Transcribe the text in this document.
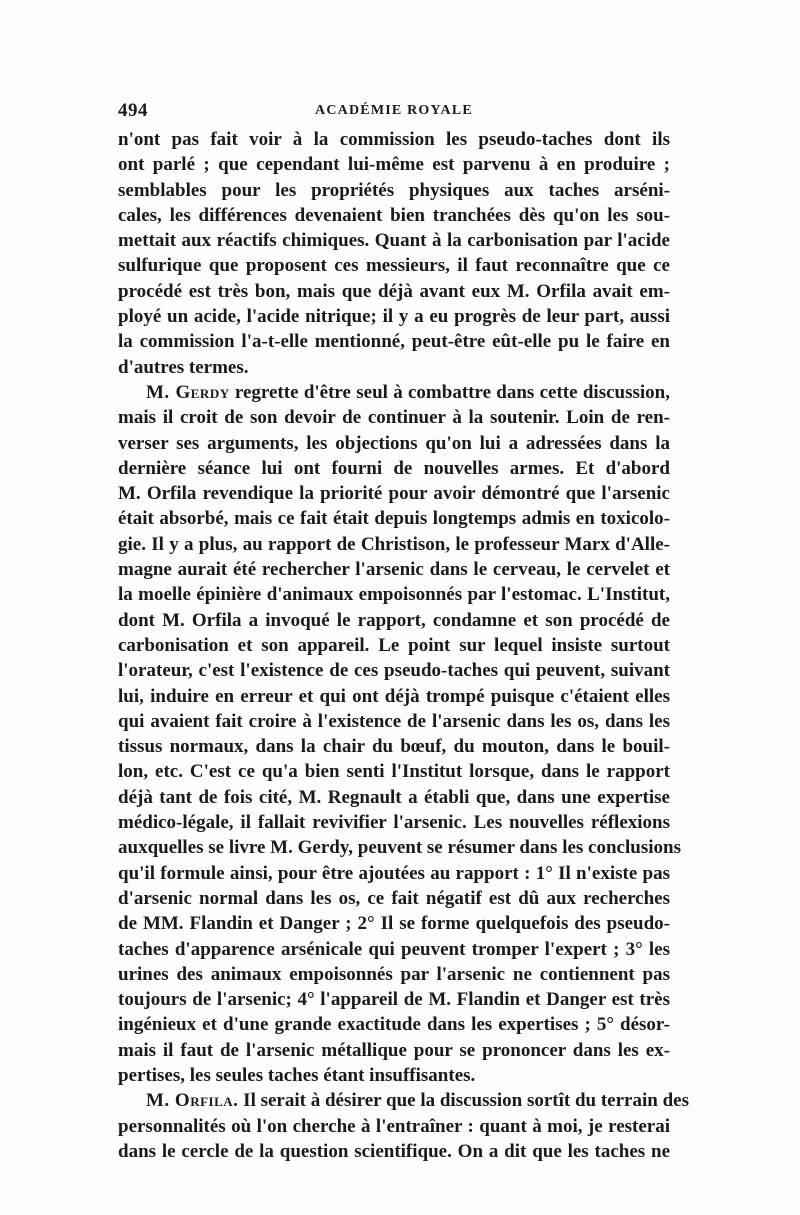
494	ACADÉMIE ROYALE
n'ont pas fait voir à la commission les pseudo-taches dont ils
ont parlé ; que cependant lui-même est parvenu à en produire ;
semblables pour les propriétés physiques aux taches arséni-
cales, les différences devenaient bien tranchées dès qu'on les sou-
mettait aux réactifs chimiques. Quant à la carbonisation par l'acide
sulfurique que proposent ces messieurs, il faut reconnaître que ce
procédé est très bon, mais que déjà avant eux M. Orfila avait em-
ployé un acide, l'acide nitrique; il y a eu progrès de leur part, aussi
la commission l'a-t-elle mentionné, peut-être eût-elle pu le faire en
d'autres termes.
M. Gerdy regrette d'être seul à combattre dans cette discussion,
mais il croit de son devoir de continuer à la soutenir. Loin de ren-
verser ses arguments, les objections qu'on lui a adressées dans la
dernière séance lui ont fourni de nouvelles armes. Et d'abord
M. Orfila revendique la priorité pour avoir démontré que l'arsenic
était absorbé, mais ce fait était depuis longtemps admis en toxicolo-
gie. Il y a plus, au rapport de Christison, le professeur Marx d'Alle-
magne aurait été rechercher l'arsenic dans le cerveau, le cervelet et
la moelle épinière d'animaux empoisonnés par l'estomac. L'Institut,
dont M. Orfila a invoqué le rapport, condamne et son procédé de
carbonisation et son appareil. Le point sur lequel insiste surtout
l'orateur, c'est l'existence de ces pseudo-taches qui peuvent, suivant
lui, induire en erreur et qui ont déjà trompé puisque c'étaient elles
qui avaient fait croire à l'existence de l'arsenic dans les os, dans les
tissus normaux, dans la chair du bœuf, du mouton, dans le bouil-
lon, etc. C'est ce qu'a bien senti l'Institut lorsque, dans le rapport
déjà tant de fois cité, M. Regnault a établi que, dans une expertise
médico-légale, il fallait revivifier l'arsenic. Les nouvelles réflexions
auxquelles se livre M. Gerdy, peuvent se résumer dans les conclusions
qu'il formule ainsi, pour être ajoutées au rapport : 1° Il n'existe pas
d'arsenic normal dans les os, ce fait négatif est dû aux recherches
de MM. Flandin et Danger ; 2° Il se forme quelquefois des pseudo-
taches d'apparence arsénicale qui peuvent tromper l'expert ; 3° les
urines des animaux empoisonnés par l'arsenic ne contiennent pas
toujours de l'arsenic; 4° l'appareil de M. Flandin et Danger est très
ingénieux et d'une grande exactitude dans les expertises ; 5° désor-
mais il faut de l'arsenic métallique pour se prononcer dans les ex-
pertises, les seules taches étant insuffisantes.
M. Orfila. Il serait à désirer que la discussion sortît du terrain des
personnalités où l'on cherche à l'entraîner : quant à moi, je resterai
dans le cercle de la question scientifique. On a dit que les taches ne
